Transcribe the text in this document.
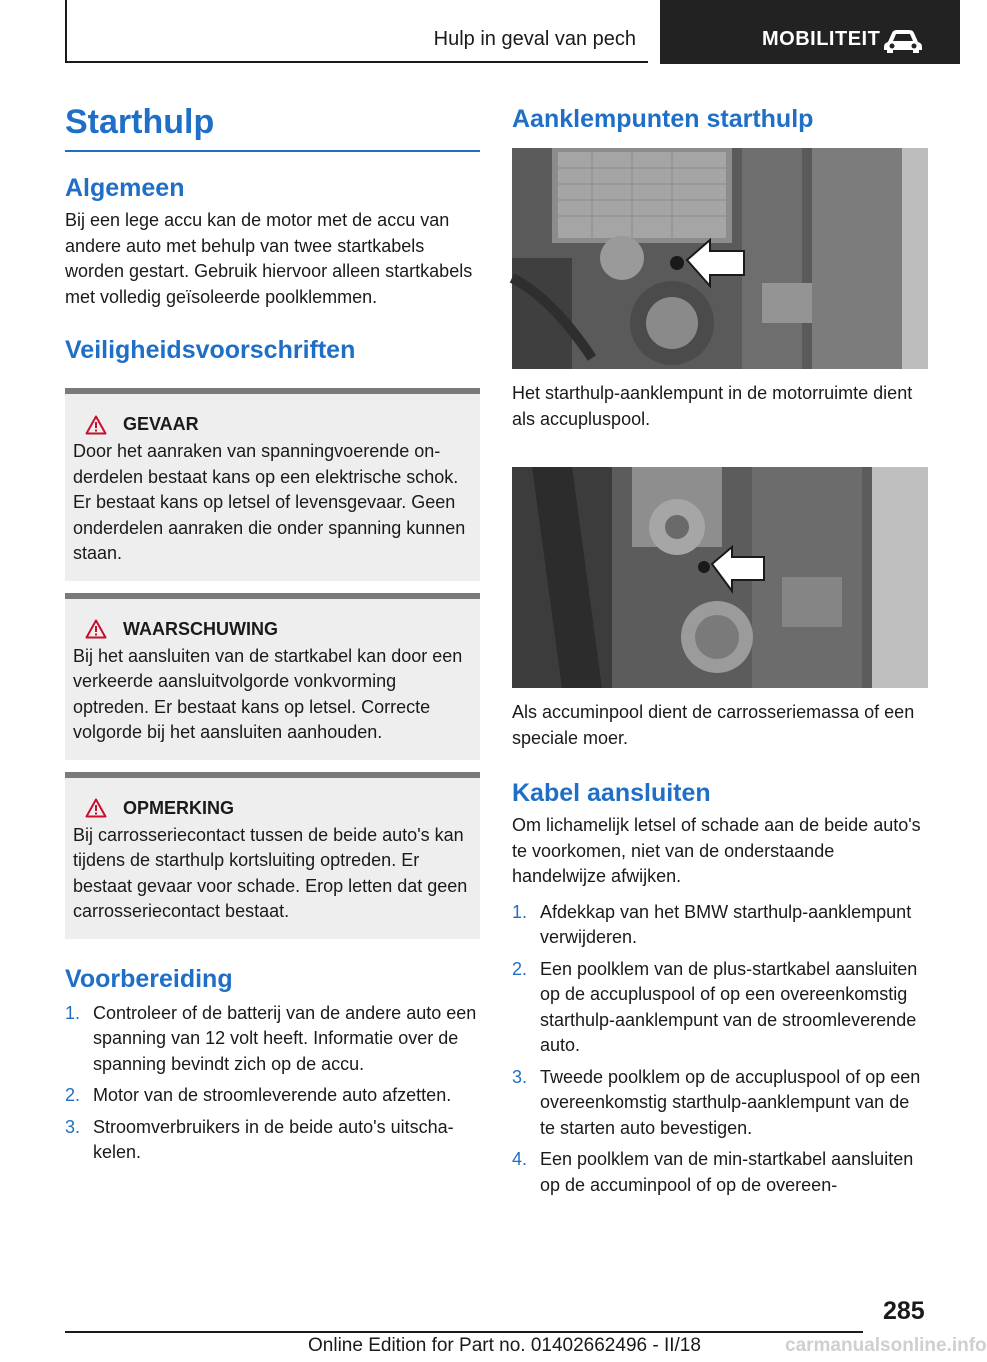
Hulp in geval van pech	MOBILITEIT
Starthulp
Algemeen

Bij een lege accu kan de motor met de accu van andere auto met behulp van twee startkabels worden gestart. Gebruik hiervoor alleen startkabels met volledig geïsoleerde poolklemmen.

Veiligheidsvoorschriften
GEVAAR

Door het aanraken van spanningvoerende onderdelen bestaat kans op een elektrische schok. Er bestaat kans op letsel of levensgevaar. Geen onderdelen aanraken die onder spanning kunnen staan.

WAARSCHUWING

Bij het aansluiten van de startkabel kan door een verkeerde aansluitvolgorde vonkvorming optreden. Er bestaat kans op letsel. Correcte volgorde bij het aansluiten aanhouden.

OPMERKING

Bij carrosseriecontact tussen de beide auto's kan tijdens de starthulp kortsluiting optreden. Er bestaat gevaar voor schade. Erop letten dat geen carrosseriecontact bestaat.

Voorbereiding
1. Controleer of de batterij van de andere auto een spanning van 12 volt heeft. Informatie over de spanning bevindt zich op de accu.
2. Motor van de stroomleverende auto afzetten.
3. Stroomverbruikers in de beide auto's uitschakelen.
Aanklempunten starthulp

Het starthulp-aanklempunt in de motorruimte dient als accupluspool.

Als accuminpool dient de carrosseriemassa of een speciale moer.

Kabel aansluiten

Om lichamelijk letsel of schade aan de beide auto's te voorkomen, niet van de onderstaande handelwijze afwijken.

1. Afdekkap van het BMW starthulp-aanklempunt verwijderen.
2. Een poolklem van de plus-startkabel aansluiten op de accupluspool of op een overeenkomstig starthulp-aanklempunt van de stroomleverende auto.
3. Tweede poolklem op de accupluspool of op een overeenkomstig starthulp-aanklempunt van de te starten auto bevestigen.
4. Een poolklem van de min-startkabel aansluiten op de accuminpool of op de overeen-
285
Online Edition for Part no. 01402662496 - II/18	carmanualsonline.info
